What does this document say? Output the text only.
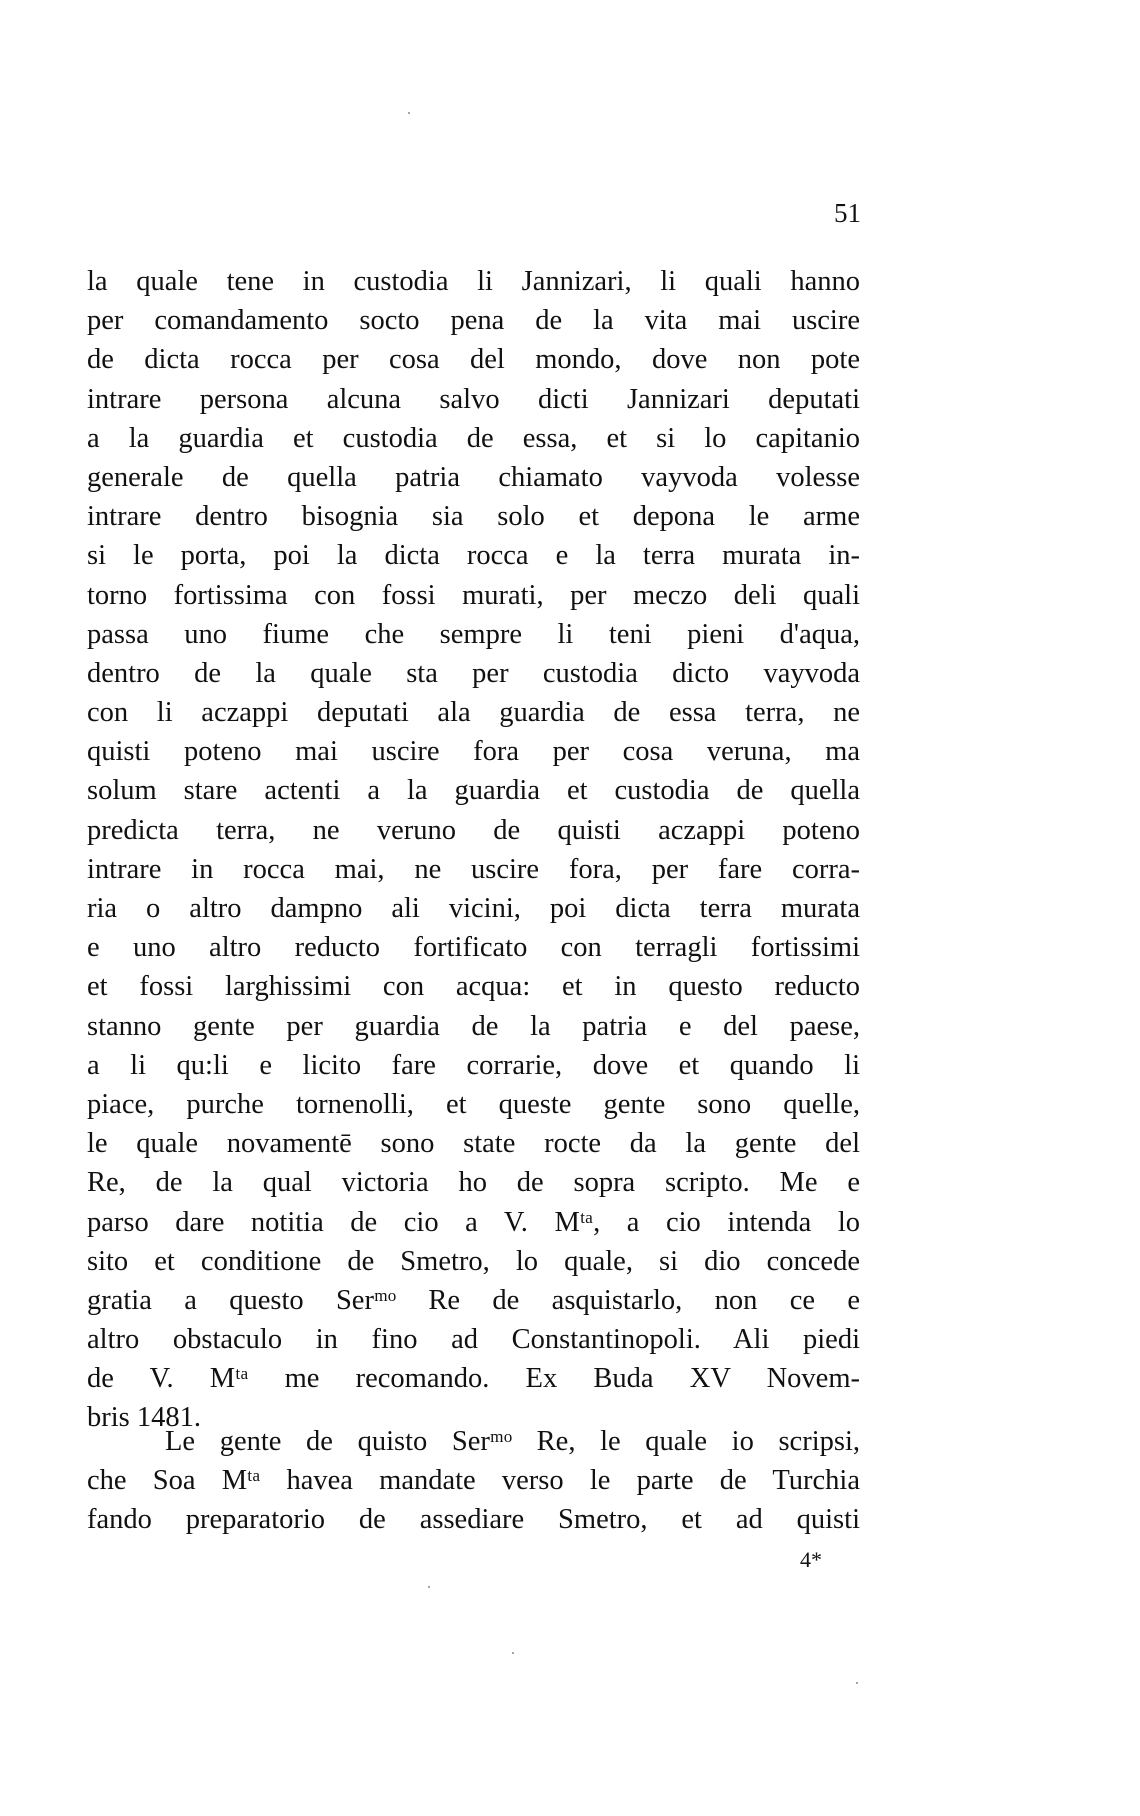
51
la quale tene in custodia li Jannizari, li quali hanno
per comandamento socto pena de la vita mai uscire
de dicta rocca per cosa del mondo, dove non pote
intrare persona alcuna salvo dicti Jannizari deputati
a la guardia et custodia de essa, et si lo capitanio
generale de quella patria chiamato vayvoda volesse
intrare dentro bisognia sia solo et depona le arme
si le porta, poi la dicta rocca e la terra murata in-
torno fortissima con fossi murati, per meczo deli quali
passa uno fiume che sempre li teni pieni d'aqua,
dentro de la quale sta per custodia dicto vayvoda
con li aczappi deputati ala guardia de essa terra, ne
quisti poteno mai uscire fora per cosa veruna, ma
solum stare actenti a la guardia et custodia de quella
predicta terra, ne veruno de quisti aczappi poteno
intrare in rocca mai, ne uscire fora, per fare corra-
ria o altro dampno ali vicini, poi dicta terra murata
e uno altro reducto fortificato con terragli fortissimi
et fossi larghissimi con acqua: et in questo reducto
stanno gente per guardia de la patria e del paese,
a li qu:li e licito fare corrarie, dove et quando li
piace, purche tornenolli, et queste gente sono quelle,
le quale novamentē sono state rocte da la gente del
Re, de la qual victoria ho de sopra scripto. Me e
parso dare notitia de cio a V. Mᵗᵃ, a cio intenda lo
sito et conditione de Smetro, lo quale, si dio concede
gratia a questo Serᵐᵒ Re de asquistarlo, non ce e
altro obstaculo in fino ad Constantinopoli. Ali piedi
de V. Mᵗᵃ me recomando. Ex Buda XV Novem-
bris 1481.
Le gente de quisto Serᵐᵒ Re, le quale io scripsi,
che Soa Mᵗᵃ havea mandate verso le parte de Turchia
fando preparatorio de assediare Smetro, et ad quisti
4*
